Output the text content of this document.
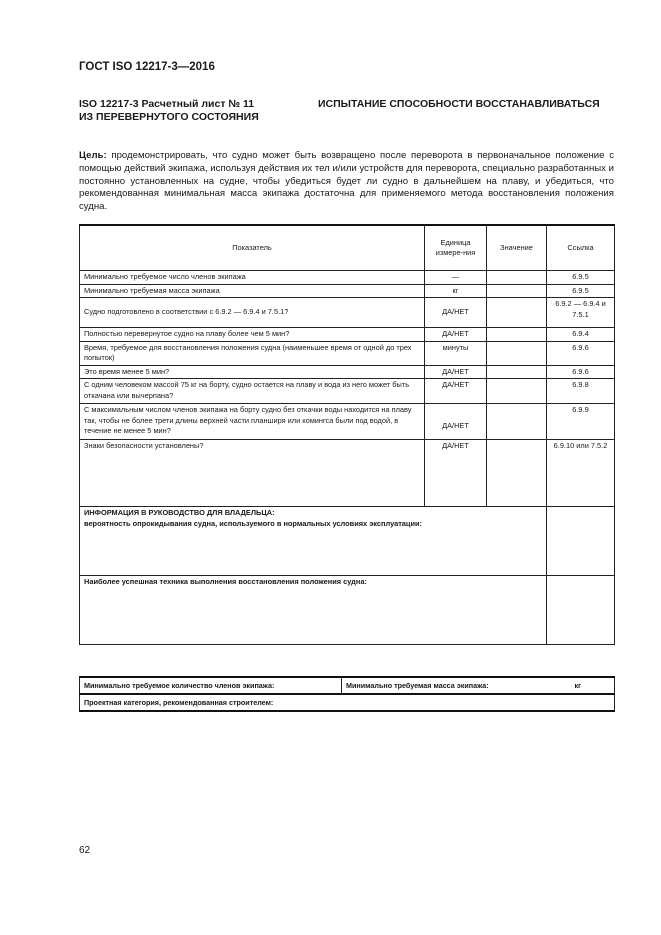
ГОСТ ISO 12217-3—2016
ISO 12217-3 Расчетный лист № 11
ИЗ ПЕРЕВЕРНУТОГО СОСТОЯНИЯ
ИСПЫТАНИЕ СПОСОБНОСТИ ВОССТАНАВЛИВАТЬСЯ
Цель: продемонстрировать, что судно может быть возвращено после переворота в первоначальное положение с помощью действий экипажа, используя действия их тел и/или устройств для переворота, специально разработанных и постоянно установленных на судне, чтобы убедиться будет ли судно в дальнейшем на плаву, и убедиться, что рекомендованная минимальная масса экипажа достаточна для применяемого метода восстановления положения судна.
Показатель	Единица измере-ния	Значение	Ссылка
Минимально требуемое число членов экипажа	—		6.9.5
Минимально требуемая масса экипажа	кг		6.9.5
Судно подготовлено в соответствии с 6.9.2 — 6.9.4 и 7.5.1?	ДА/НЕТ		6.9.2 — 6.9.4 и 7.5.1
Полностью перевернутое судно на плаву более чем 5 мин?	ДА/НЕТ		6.9.4
Время, требуемое для восстановления положения судна (наименьшее время от одной до трех попыток)	минуты		6.9.6
Это время менее 5 мин?	ДА/НЕТ		6.9.6
С одним человеком массой 75 кг на борту, судно остается на плаву и вода из него может быть откачана или вычерпана?	ДА/НЕТ		6.9.8
С максимальным числом членов экипажа на борту судно без откачки воды находится на плаву так, чтобы не более трети длины верхней части планширя или комингса были под водой, в течение не менее 5 мин?	ДА/НЕТ		6.9.9
Знаки безопасности установлены?	ДА/НЕТ		6.9.10 или 7.5.2

ИНФОРМАЦИЯ В РУКОВОДСТВО ДЛЯ ВЛАДЕЛЬЦА:
вероятность опрокидывания судна, используемого в нормальных условиях эксплуатации:			

Наиболее успешная техника выполнения восстановления положения судна:			
Минимально требуемое количество членов экипажа:	Минимально требуемая масса экипажа:	кг
Проектная категория, рекомендованная строителем:
62
